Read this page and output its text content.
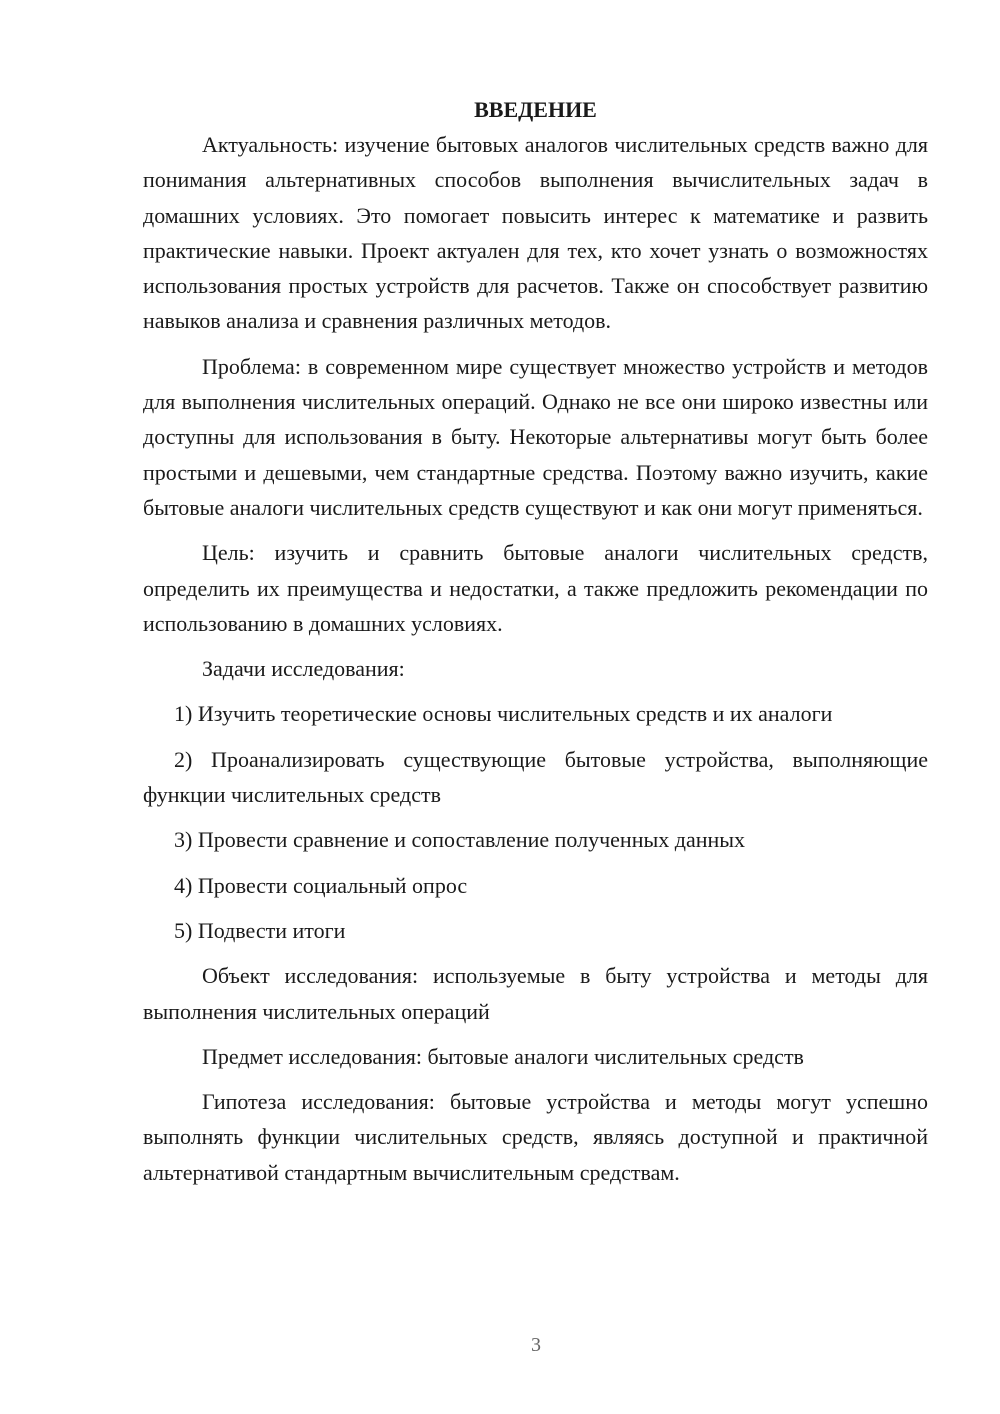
ВВЕДЕНИЕ

Актуальность: изучение бытовых аналогов числительных средств важно для понимания альтернативных способов выполнения вычислительных задач в домашних условиях. Это помогает повысить интерес к математике и развить практические навыки. Проект актуален для тех, кто хочет узнать о возможностях использования простых устройств для расчетов. Также он способствует развитию навыков анализа и сравнения различных методов.

Проблема: в современном мире существует множество устройств и методов для выполнения числительных операций. Однако не все они широко известны или доступны для использования в быту. Некоторые альтернативы могут быть более простыми и дешевыми, чем стандартные средства. Поэтому важно изучить, какие бытовые аналоги числительных средств существуют и как они могут применяться.

Цель: изучить и сравнить бытовые аналоги числительных средств, определить их преимущества и недостатки, а также предложить рекомендации по использованию в домашних условиях.

Задачи исследования:

1) Изучить теоретические основы числительных средств и их аналоги

2) Проанализировать существующие бытовые устройства, выполняющие функции числительных средств

3) Провести сравнение и сопоставление полученных данных

4) Провести социальный опрос

5) Подвести итоги

Объект исследования: используемые в быту устройства и методы для выполнения числительных операций

Предмет исследования: бытовые аналоги числительных средств

Гипотеза исследования: бытовые устройства и методы могут успешно выполнять функции числительных средств, являясь доступной и практичной альтернативой стандартным вычислительным средствам.

3
